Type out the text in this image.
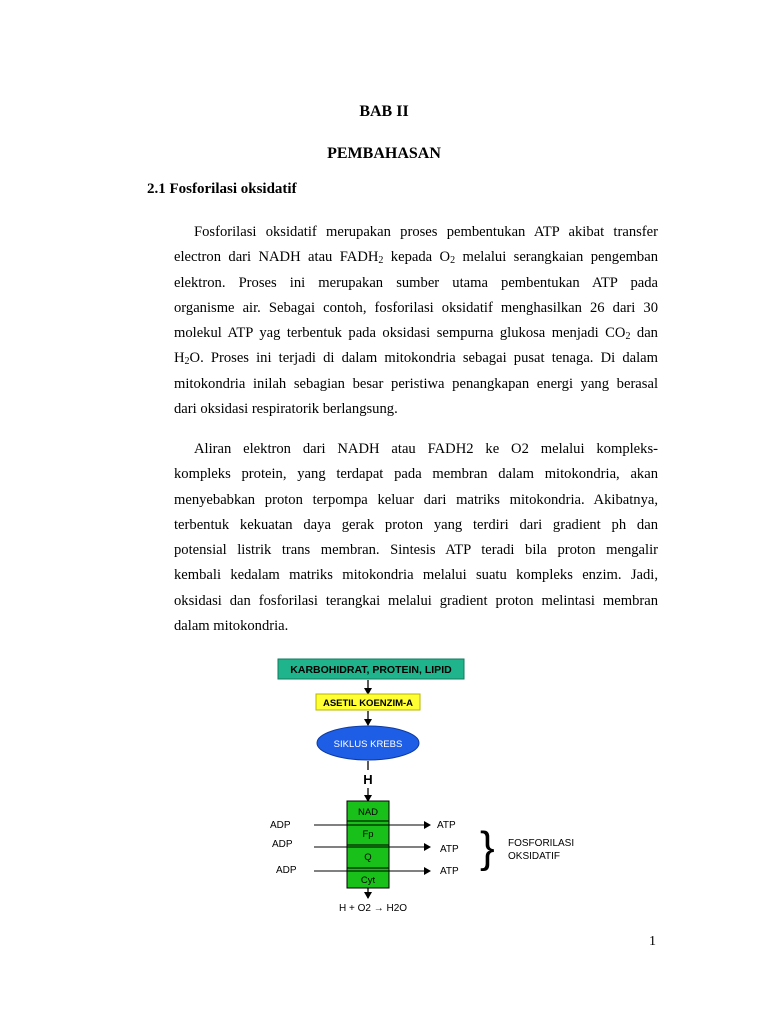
BAB II
PEMBAHASAN
2.1 Fosforilasi oksidatif

Fosforilasi oksidatif merupakan proses pembentukan ATP akibat transfer
electron dari NADH atau $FADH_2$ kepada $O_2$ melalui serangkaian pengemban
elektron. Proses ini merupakan sumber utama pembentukan ATP pada
organisme air. Sebagai contoh, fosforilasi oksidatif menghasilkan 26 dari 30
molekul ATP yag terbentuk pada oksidasi sempurna glukosa menjadi $CO_2$ dan
$H_2O$. Proses ini terjadi di dalam mitokondria sebagai pusat tenaga. Di dalam
mitokondria inilah sebagian besar peristiwa penangkapan energi yang berasal
dari oksidasi respiratorik berlangsung.

Aliran elektron dari NADH atau FADH2 ke O2 melalui kompleks-
kompleks protein, yang terdapat pada membran dalam mitokondria, akan
menyebabkan proton terpompa keluar dari matriks mitokondria. Akibatnya,
terbentuk kekuatan daya gerak proton yang terdiri dari gradient ph dan
potensial listrik trans membran. Sintesis ATP teradi bila proton mengalir
kembali kedalam matriks mitokondria melalui suatu kompleks enzim. Jadi,
oksidasi dan fosforilasi terangkai melalui gradient proton melintasi membran
dalam mitokondria.

KARBOHIDRAT, PROTEIN, LIPID
ASETIL KOENZIM-A
SIKLUS KREBS
H
NAD
Fp
Q
Cyt
ADP	ATP
ADP	ATP
ADP	ATP } FOSFORILASI
OKSIDATIF
H + O2 → H2O
1
